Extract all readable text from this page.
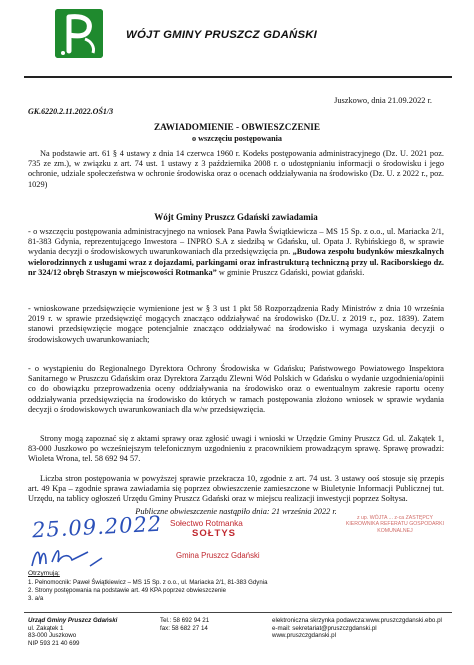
WÓJT GMINY PRUSZCZ GDAŃSKI
Juszkowo, dnia 21.09.2022 r.
GK.6220.2.11.2022.OŚ1/3
ZAWIADOMIENIE - OBWIESZCZENIE
o wszczęciu postępowania
Na podstawie art. 61 § 4 ustawy z dnia 14 czerwca 1960 r. Kodeks postępowania administracyjnego (Dz. U. 2021 poz. 735 ze zm.), w związku z art. 74 ust. 1 ustawy z 3 października 2008 r. o udostępnianiu informacji o środowisku i jego ochronie, udziale społeczeństwa w ochronie środowiska oraz o ocenach oddziaływania na środowisko (Dz. U. z 2022 r., poz. 1029)
Wójt Gminy Pruszcz Gdański zawiadamia
- o wszczęciu postępowania administracyjnego na wniosek Pana Pawła Świątkiewicza – MS 15 Sp. z o.o., ul. Mariacka 2/1, 81-383 Gdynia, reprezentującego Inwestora – INPRO S.A z siedzibą w Gdańsku, ul. Opata J. Rybińskiego 8, w sprawie wydania decyzji o środowiskowych uwarunkowaniach dla przedsięwzięcia pn. „Budowa zespołu budynków mieszkalnych wielorodzinnych z usługami wraz z dojazdami, parkingami oraz infrastrukturą techniczną przy ul. Raciborskiego dz. nr 324/12 obręb Straszyn w miejscowości Rotmanka” w gminie Pruszcz Gdański, powiat gdański.
- wnioskowane przedsięwzięcie wymienione jest w § 3 ust 1 pkt 58 Rozporządzenia Rady Ministrów z dnia 10 września 2019 r. w sprawie przedsięwzięć mogących znacząco oddziaływać na środowisko (Dz.U. z 2019 r., poz. 1839). Zatem stanowi przedsięwzięcie mogące potencjalnie znacząco oddziaływać na środowisko i wymaga uzyskania decyzji o środowiskowych uwarunkowaniach;
- o wystąpieniu do Regionalnego Dyrektora Ochrony Środowiska w Gdańsku; Państwowego Powiatowego Inspektora Sanitarnego w Pruszczu Gdańskim oraz Dyrektora Zarządu Zlewni Wód Polskich w Gdańsku o wydanie uzgodnienia/opinii co do obowiązku przeprowadzenia oceny oddziaływania na środowisko oraz o ewentualnym zakresie raportu oceny oddziaływania przedsięwzięcia na środowisko do których w ramach postępowania złożono wniosek w sprawie wydania decyzji o środowiskowych uwarunkowaniach dla w/w przedsięwzięcia.
Strony mogą zapoznać się z aktami sprawy oraz zgłosić uwagi i wnioski w Urzędzie Gminy Pruszcz Gd. ul. Zakątek 1, 83-000 Juszkowo po wcześniejszym telefonicznym uzgodnieniu z pracownikiem prowadzącym sprawę. Sprawę prowadzi: Wioleta Wrona, tel. 58 692 94 57.
Liczba stron postępowania w powyższej sprawie przekracza 10, zgodnie z art. 74 ust. 3 ustawy ooś stosuje się przepis art. 49 Kpa – zgodnie sprawa zawiadamia się poprzez obwieszczenie zamieszczone w Biuletynie Informacji Publicznej tut. Urzędu, na tablicy ogłoszeń Urzędu Gminy Pruszcz Gdański oraz w miejscu realizacji inwestycji poprzez Sołtysa.
Publiczne obwieszczenie nastąpiło dnia: 21 września 2022 r.
25.09.2022 Sołectwo Rotmanka
SOŁTYS
Gmina Pruszcz Gdański
z up. WÓJTA ... z-ca ZASTĘPCY KIEROWNIKA REFERATU GOSPODARKI KOMUNALNEJ
Otrzymują:
1. Pełnomocnik: Paweł Świątkiewicz – MS 15 Sp. z o.o., ul. Mariacka 2/1, 81-383 Gdynia
2. Strony postępowania na podstawie art. 49 KPA poprzez obwieszczenie
3. a/a
Urząd Gminy Pruszcz Gdański
ul. Zakątek 1
83-000 Juszkowo
NIP 593 21 40 699
Tel.: 58 692 94 21
fax: 58 682 27 14
elektroniczna skrzynka podawcza:www.pruszczgdanski.ebo.pl
e-mail: sekretariat@pruszczgdanski.pl
www.pruszczgdanski.pl
